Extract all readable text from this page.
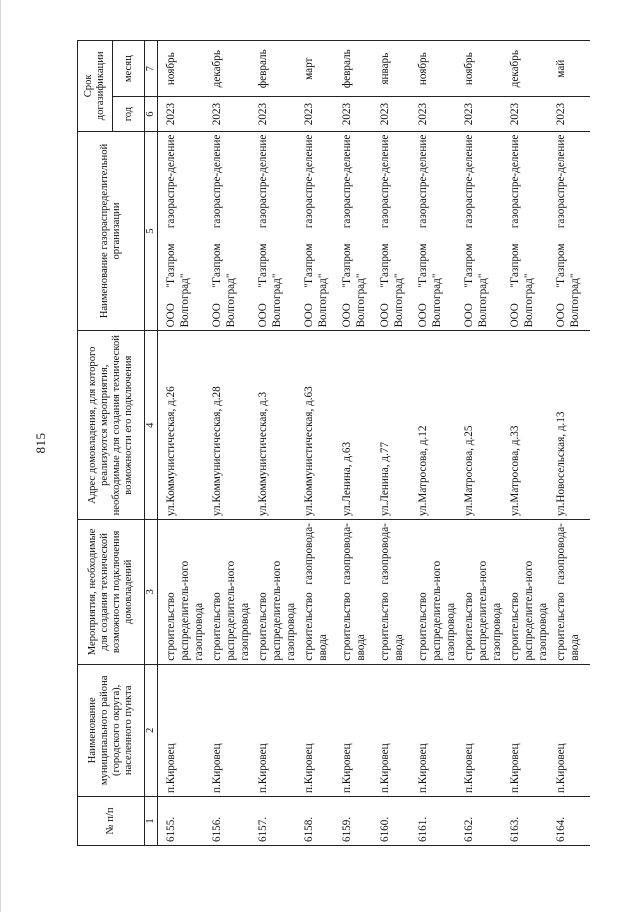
815
№ п/п	Наименование муниципального района (городского округа), населенного пункта	Мероприятия, необходимые для создания технической возможности подключения домовладений	Адрес домовладения, для которого реализуются мероприятия, необходимые для создания технической возможности его подключения	Наименование газораспределительной организации	Срок догазификации	
					год	месяц
1	2	3	4	5	6	7
6155.	п.Кировец	строительство распределитель-ного газопровода	ул.Коммунистическая, д.26	ООО "Газпром газораспре-деление Волгоград"	2023	ноябрь
6156.	п.Кировец	строительство распределитель-ного газопровода	ул.Коммунистическая, д.28	ООО "Газпром газораспре-деление Волгоград"	2023	декабрь
6157.	п.Кировец	строительство распределитель-ного газопровода	ул.Коммунистическая, д.3	ООО "Газпром газораспре-деление Волгоград"	2023	февраль
6158.	п.Кировец	строительство газопровода-ввода	ул.Коммунистическая, д.63	ООО "Газпром газораспре-деление Волгоград"	2023	март
6159.	п.Кировец	строительство газопровода-ввода	ул.Ленина, д.63	ООО "Газпром газораспре-деление Волгоград"	2023	февраль
6160.	п.Кировец	строительство газопровода-ввода	ул.Ленина, д.77	ООО "Газпром газораспре-деление Волгоград"	2023	январь
6161.	п.Кировец	строительство распределитель-ного газопровода	ул.Матросова, д.12	ООО "Газпром газораспре-деление Волгоград"	2023	ноябрь
6162.	п.Кировец	строительство распределитель-ного газопровода	ул.Матросова, д.25	ООО "Газпром газораспре-деление Волгоград"	2023	ноябрь
6163.	п.Кировец	строительство распределитель-ного газопровода	ул.Матросова, д.33	ООО "Газпром газораспре-деление Волгоград"	2023	декабрь
6164.	п.Кировец	строительство газопровода-ввода	ул.Новосельская, д.13	ООО "Газпром газораспре-деление Волгоград"	2023	май
